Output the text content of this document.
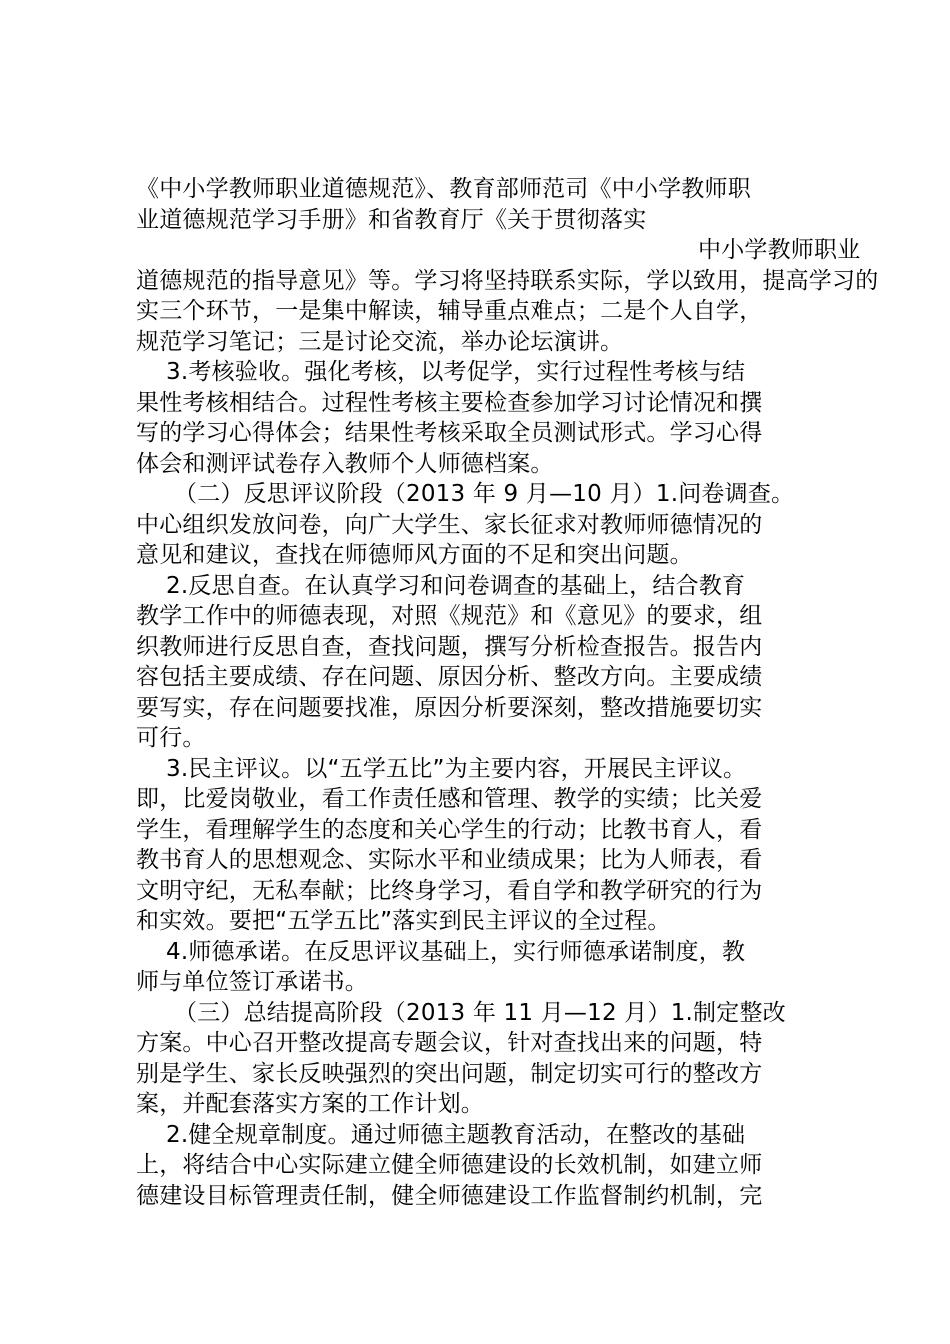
《中小学教师职业道德规范》、教育部师范司《中小学教师职
业道德规范学习手册》和省教育厅《关于贯彻落实
中小学教师职业
道德规范的指导意见》等。学习将坚持联系实际，学以致用，提高学习的
实三个环节，一是集中解读，辅导重点难点；二是个人自学，
规范学习笔记；三是讨论交流，举办论坛演讲。
3.考核验收。强化考核，以考促学，实行过程性考核与结
果性考核相结合。过程性考核主要检查参加学习讨论情况和撰
写的学习心得体会；结果性考核采取全员测试形式。学习心得
体会和测评试卷存入教师个人师德档案。
（二）反思评议阶段（2013 年 9 月—10 月）1.问卷调查。
中心组织发放问卷，向广大学生、家长征求对教师师德情况的
意见和建议，查找在师德师风方面的不足和突出问题。
2.反思自查。在认真学习和问卷调查的基础上，结合教育
教学工作中的师德表现，对照《规范》和《意见》的要求，组
织教师进行反思自查，查找问题，撰写分析检查报告。报告内
容包括主要成绩、存在问题、原因分析、整改方向。主要成绩
要写实，存在问题要找准，原因分析要深刻，整改措施要切实
可行。
3.民主评议。以“五学五比”为主要内容，开展民主评议。
即，比爱岗敬业，看工作责任感和管理、教学的实绩；比关爱
学生，看理解学生的态度和关心学生的行动；比教书育人，看
教书育人的思想观念、实际水平和业绩成果；比为人师表，看
文明守纪，无私奉献；比终身学习，看自学和教学研究的行为
和实效。要把“五学五比”落实到民主评议的全过程。
4.师德承诺。在反思评议基础上，实行师德承诺制度，教
师与单位签订承诺书。
（三）总结提高阶段（2013 年 11 月—12 月）1.制定整改
方案。中心召开整改提高专题会议，针对查找出来的问题，特
别是学生、家长反映强烈的突出问题，制定切实可行的整改方
案，并配套落实方案的工作计划。
2.健全规章制度。通过师德主题教育活动，在整改的基础
上，将结合中心实际建立健全师德建设的长效机制，如建立师
德建设目标管理责任制，健全师德建设工作监督制约机制，完
